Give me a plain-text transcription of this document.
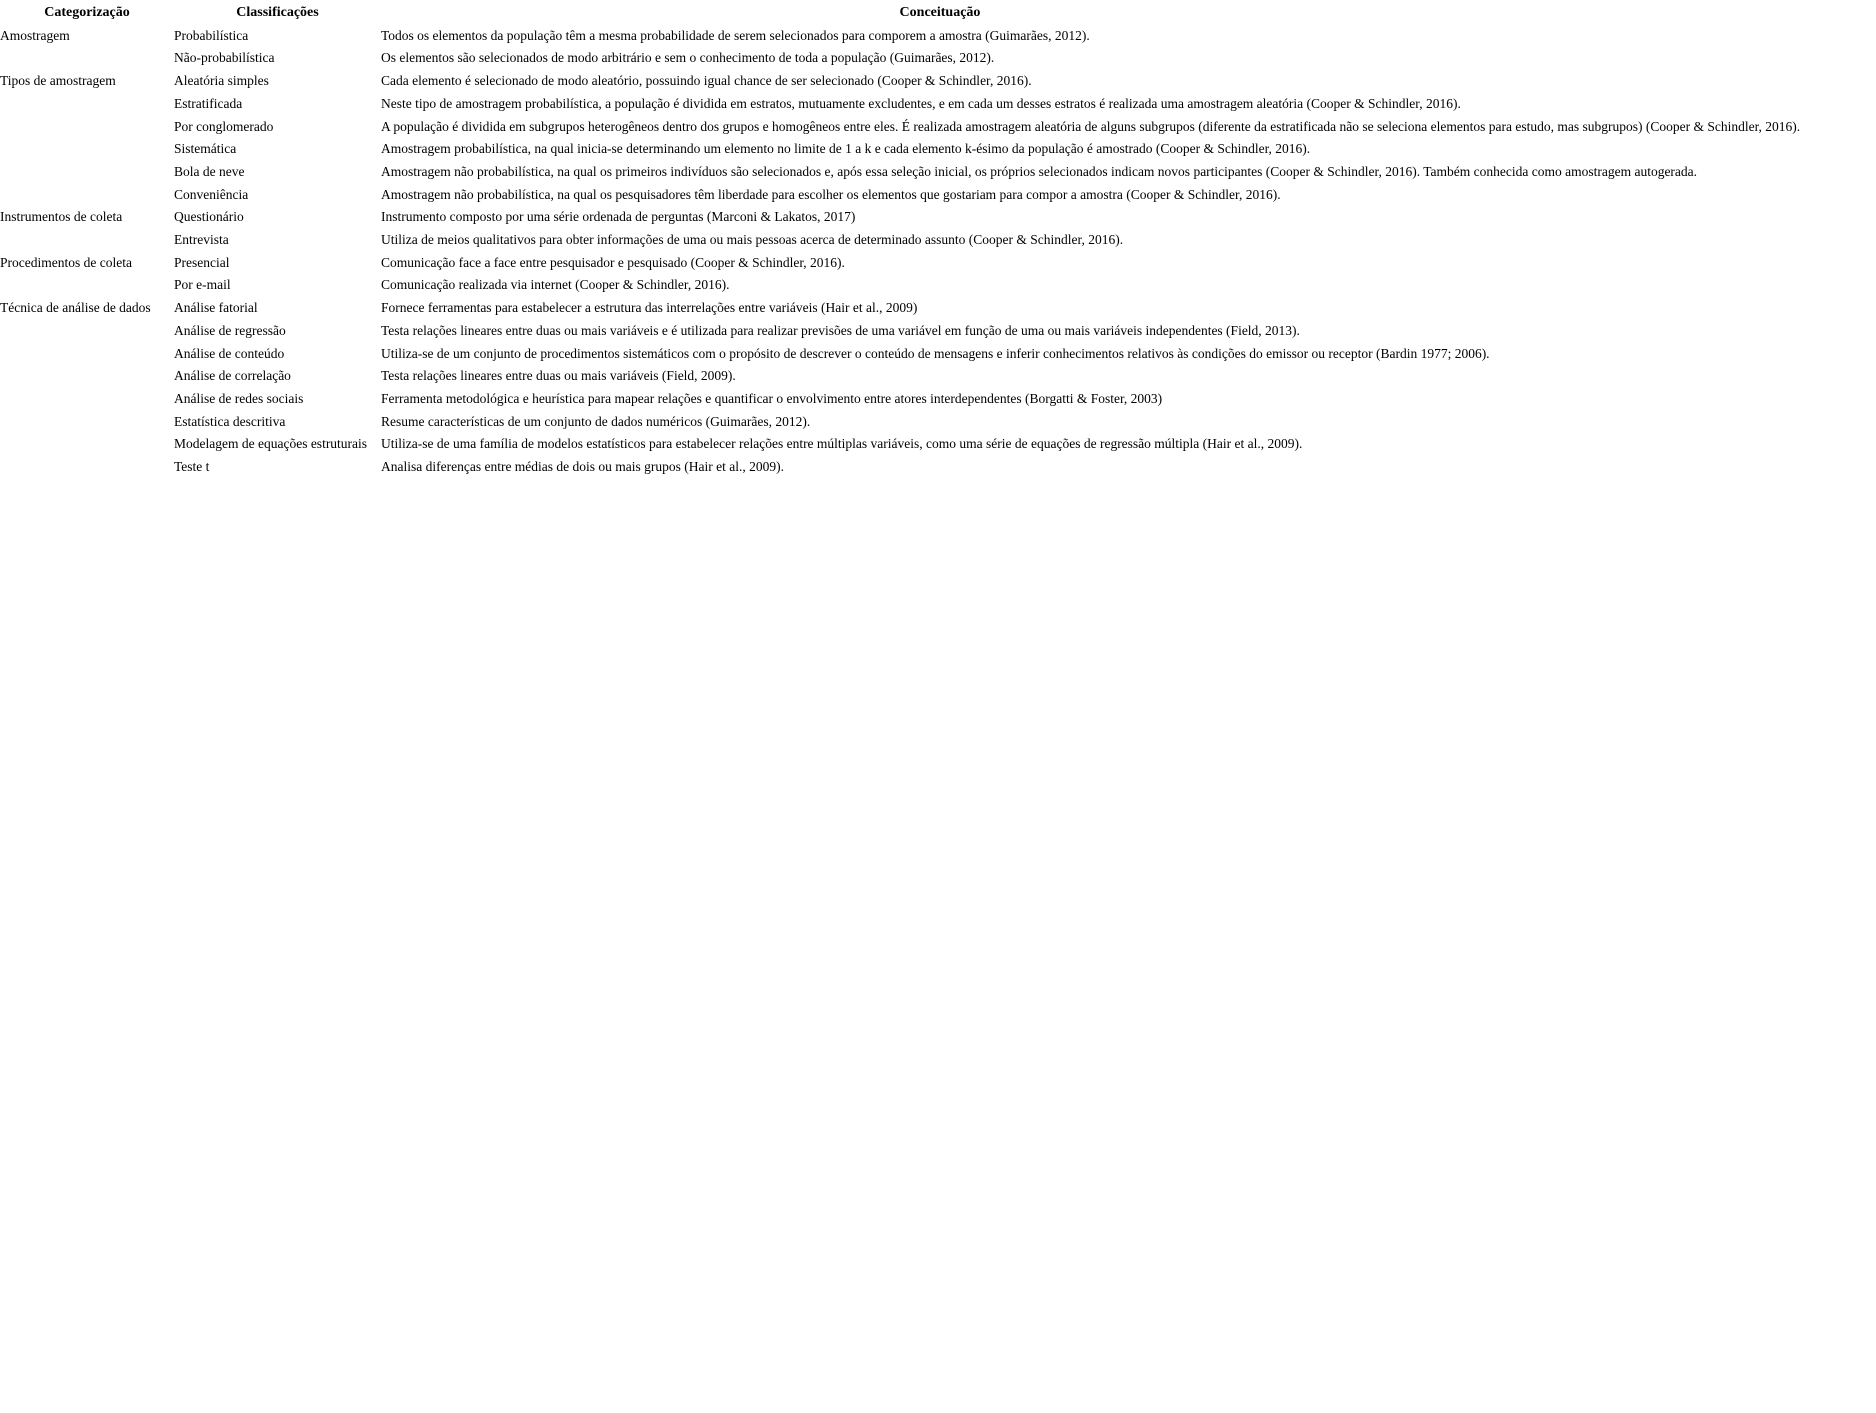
Categorização	Classificações	Conceituação
Amostragem	Probabilística	Todos os elementos da população têm a mesma probabilidade de serem selecionados para comporem a amostra (Guimarães, 2012).
	Não-probabilística	Os elementos são selecionados de modo arbitrário e sem o conhecimento de toda a população (Guimarães, 2012).
Tipos de amostragem	Aleatória simples	Cada elemento é selecionado de modo aleatório, possuindo igual chance de ser selecionado (Cooper & Schindler, 2016).
	Estratificada	Neste tipo de amostragem probabilística, a população é dividida em estratos, mutuamente excludentes, e em cada um desses estratos é realizada uma amostragem aleatória (Cooper & Schindler, 2016).
	Por conglomerado	A população é dividida em subgrupos heterogêneos dentro dos grupos e homogêneos entre eles. É realizada amostragem aleatória de alguns subgrupos (diferente da estratificada não se seleciona elementos para estudo, mas subgrupos) (Cooper & Schindler, 2016).
	Sistemática	Amostragem probabilística, na qual inicia-se determinando um elemento no limite de 1 a k e cada elemento k-ésimo da população é amostrado (Cooper & Schindler, 2016).
	Bola de neve	Amostragem não probabilística, na qual os primeiros indivíduos são selecionados e, após essa seleção inicial, os próprios selecionados indicam novos participantes (Cooper & Schindler, 2016). Também conhecida como amostragem autogerada.
	Conveniência	Amostragem não probabilística, na qual os pesquisadores têm liberdade para escolher os elementos que gostariam para compor a amostra (Cooper & Schindler, 2016).
Instrumentos de coleta	Questionário	Instrumento composto por uma série ordenada de perguntas (Marconi & Lakatos, 2017)
	Entrevista	Utiliza de meios qualitativos para obter informações de uma ou mais pessoas acerca de determinado assunto (Cooper & Schindler, 2016).
Procedimentos de coleta	Presencial	Comunicação face a face entre pesquisador e pesquisado (Cooper & Schindler, 2016).
	Por e-mail	Comunicação realizada via internet (Cooper & Schindler, 2016).
Técnica de análise de dados	Análise fatorial	Fornece ferramentas para estabelecer a estrutura das interrelações entre variáveis (Hair et al., 2009)
	Análise de regressão	Testa relações lineares entre duas ou mais variáveis e é utilizada para realizar previsões de uma variável em função de uma ou mais variáveis independentes (Field, 2013).
	Análise de conteúdo	Utiliza-se de um conjunto de procedimentos sistemáticos com o propósito de descrever o conteúdo de mensagens e inferir conhecimentos relativos às condições do emissor ou receptor (Bardin 1977; 2006).
	Análise de correlação	Testa relações lineares entre duas ou mais variáveis (Field, 2009).
	Análise de redes sociais	Ferramenta metodológica e heurística para mapear relações e quantificar o envolvimento entre atores interdependentes (Borgatti & Foster, 2003)
	Estatística descritiva	Resume características de um conjunto de dados numéricos (Guimarães, 2012).
	Modelagem de equações estruturais	Utiliza-se de uma família de modelos estatísticos para estabelecer relações entre múltiplas variáveis, como uma série de equações de regressão múltipla (Hair et al., 2009).
	Teste t	Analisa diferenças entre médias de dois ou mais grupos (Hair et al., 2009).
